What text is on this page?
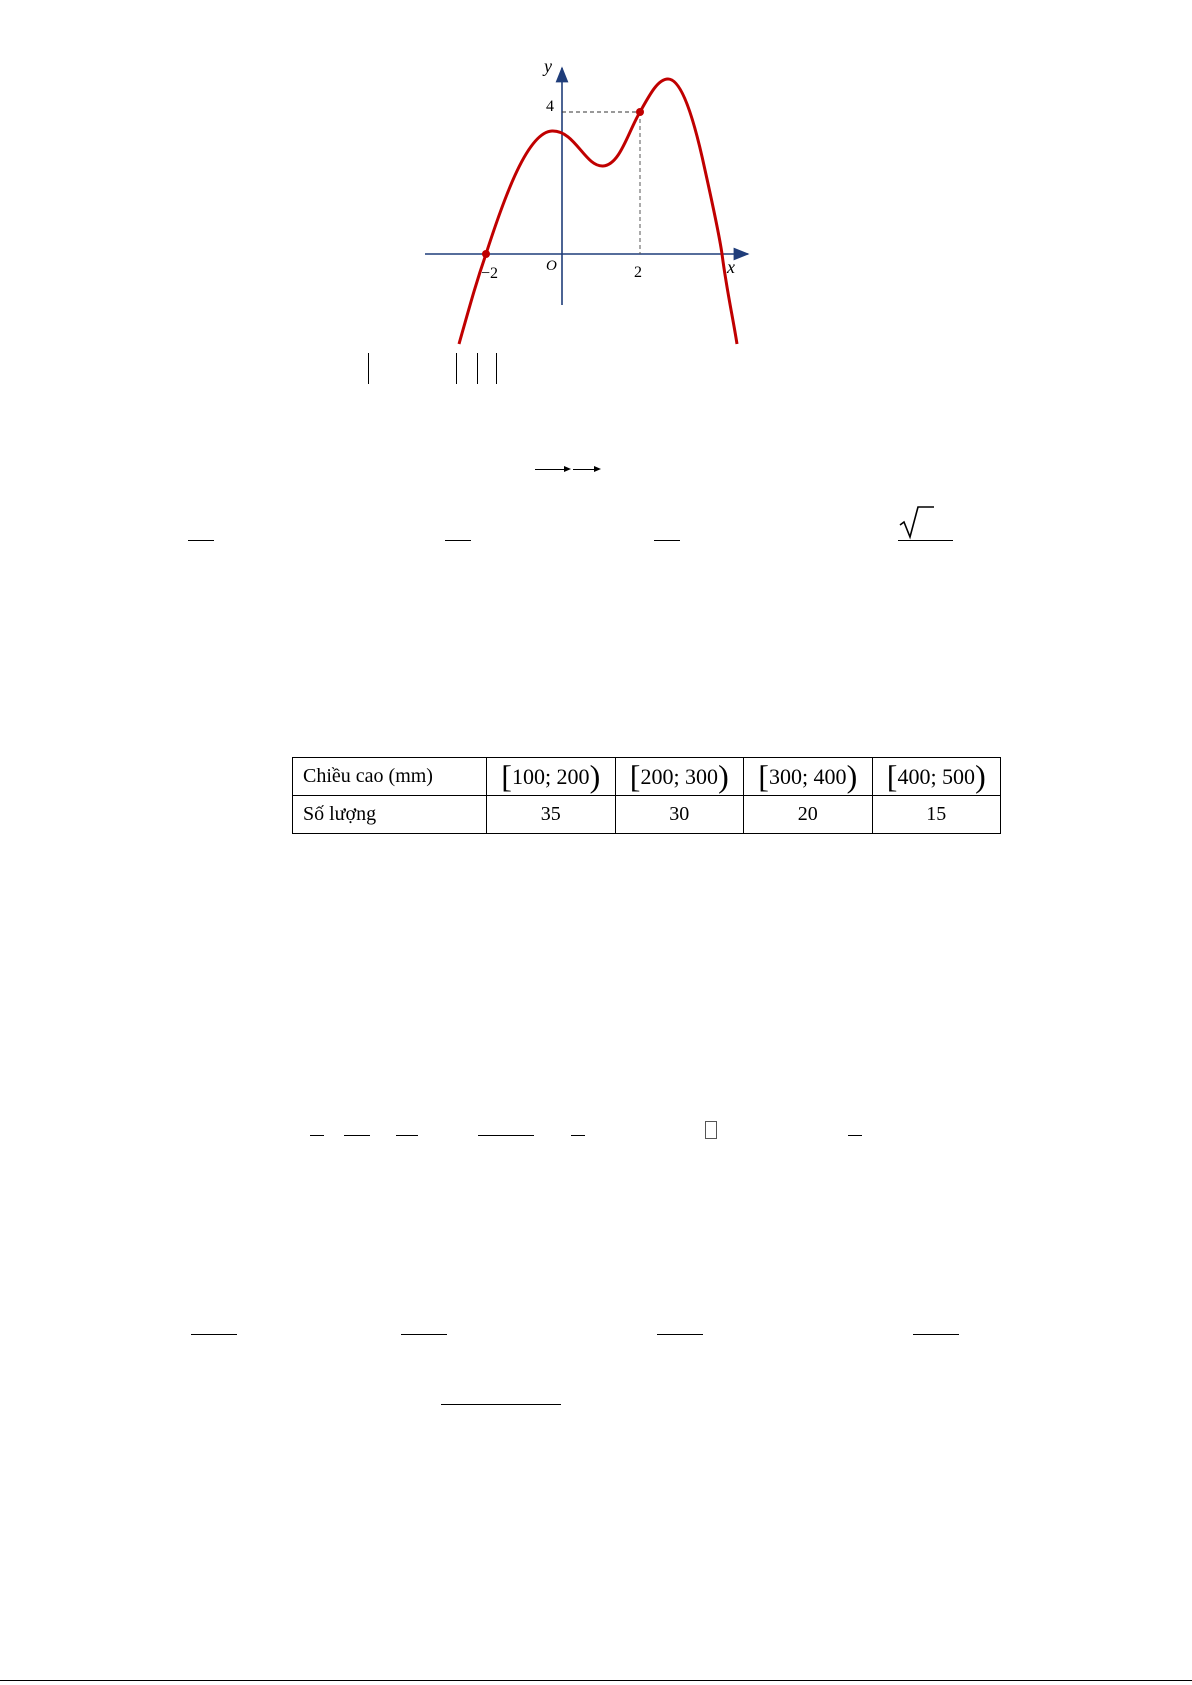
y
x
O
−2	2
4
Chiều cao (mm)	[100; 200)	[200; 300)	[300; 400)	[400; 500)
Số lượng	35	30	20	15
